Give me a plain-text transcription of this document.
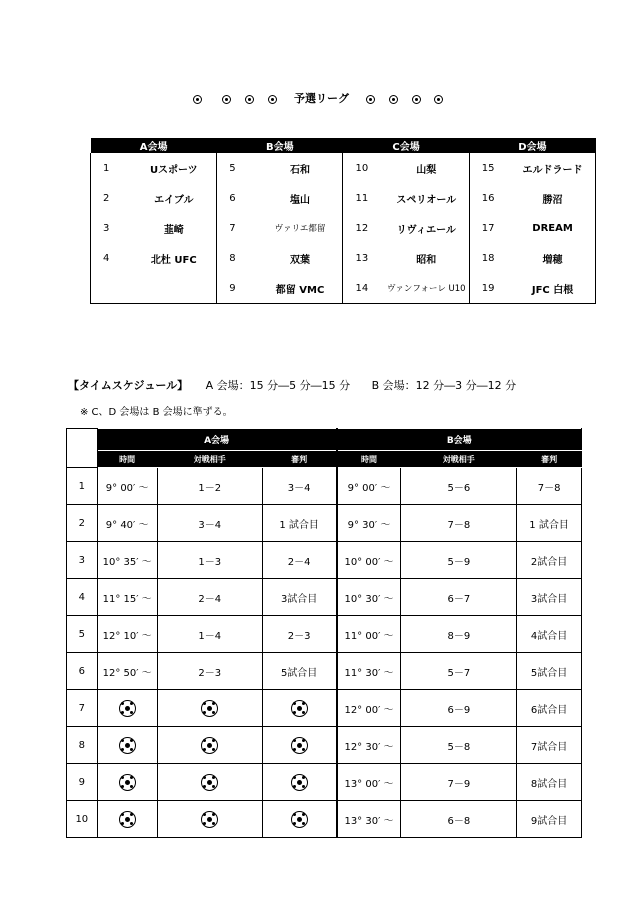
予選リーグ
A会場		B会場		C会場		D会場	
1	Uスポーツ	5	石和	10	山梨	15	エルドラード
2	エイブル	6	塩山	11	スペリオール	16	勝沼
3	韮崎	7	ヴァリエ都留	12	リヴィエール	17	DREAM
4	北杜 UFC	8	双葉	13	昭和	18	増穂
		9	都留 VMC	14	ヴァンフォーレ U10	19	JFC 白根
【タイムスケジュール】 A 会場：15 分―5 分―15 分 B 会場：12 分―3 分―12 分
※ C、D 会場は B 会場に準ずる。
	A会場			B会場		
	時間	対戦相手	審判	時間	対戦相手	審判
1	9° 00′ ～	1－2	3－4	9° 00′ ～	5－6	7－8
2	9° 40′ ～	3－4	1 試合目	9° 30′ ～	7－8	1 試合目
3	10° 35′ ～	1－3	2－4	10° 00′ ～	5－9	2試合目
4	11° 15′ ～	2－4	3試合目	10° 30′ ～	6－7	3試合目
5	12° 10′ ～	1－4	2－3	11° 00′ ～	8－9	4試合目
6	12° 50′ ～	2－3	5試合目	11° 30′ ～	5－7	5試合目
7				12° 00′ ～	6－9	6試合目
8				12° 30′ ～	5－8	7試合目
9				13° 00′ ～	7－9	8試合目
10				13° 30′ ～	6－8	9試合目
